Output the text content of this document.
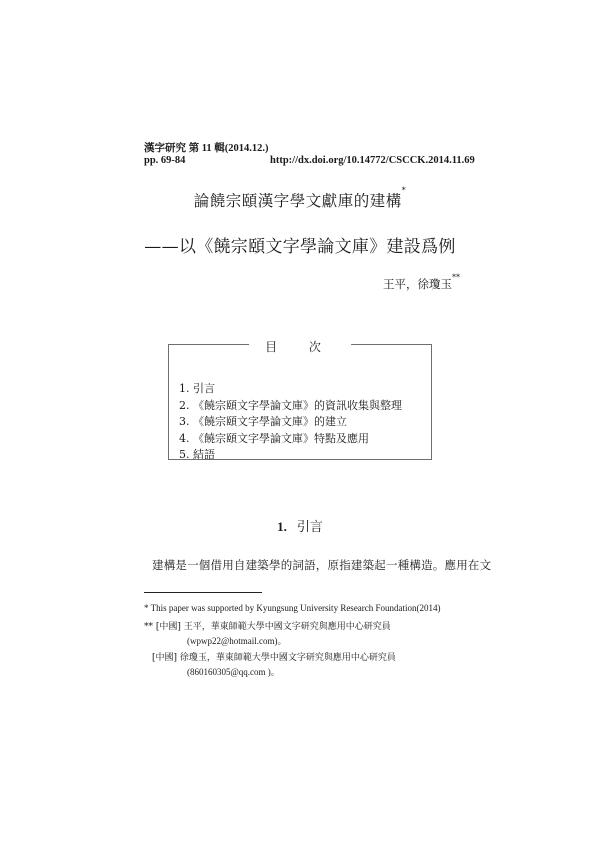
漢字研究 第 11 輯(2014.12.)
pp. 69-84	http://dx.doi.org/10.14772/CSCCK.2014.11.69
論饒宗頤漢字學文獻庫的建構*
——以《饒宗頤文字學論文庫》建設爲例
王平，徐瓊玉**
目 次
1. 引言
2. 《饒宗頤文字學論文庫》的資訊收集與整理
3. 《饒宗頤文字學論文庫》的建立
4. 《饒宗頤文字學論文庫》特點及應用
5. 結語
1. 引言
建構是一個借用自建築學的詞語，原指建築起一種構造。應用在文
* This paper was supported by Kyungsung University Research Foundation(2014)
** [中國] 王平，華東師範大學中國文字研究與應用中心研究員
(wpwp22@hotmail.com)。
[中國] 徐瓊玉，華東師範大學中國文字研究與應用中心研究員
(860160305@qq.com )。
